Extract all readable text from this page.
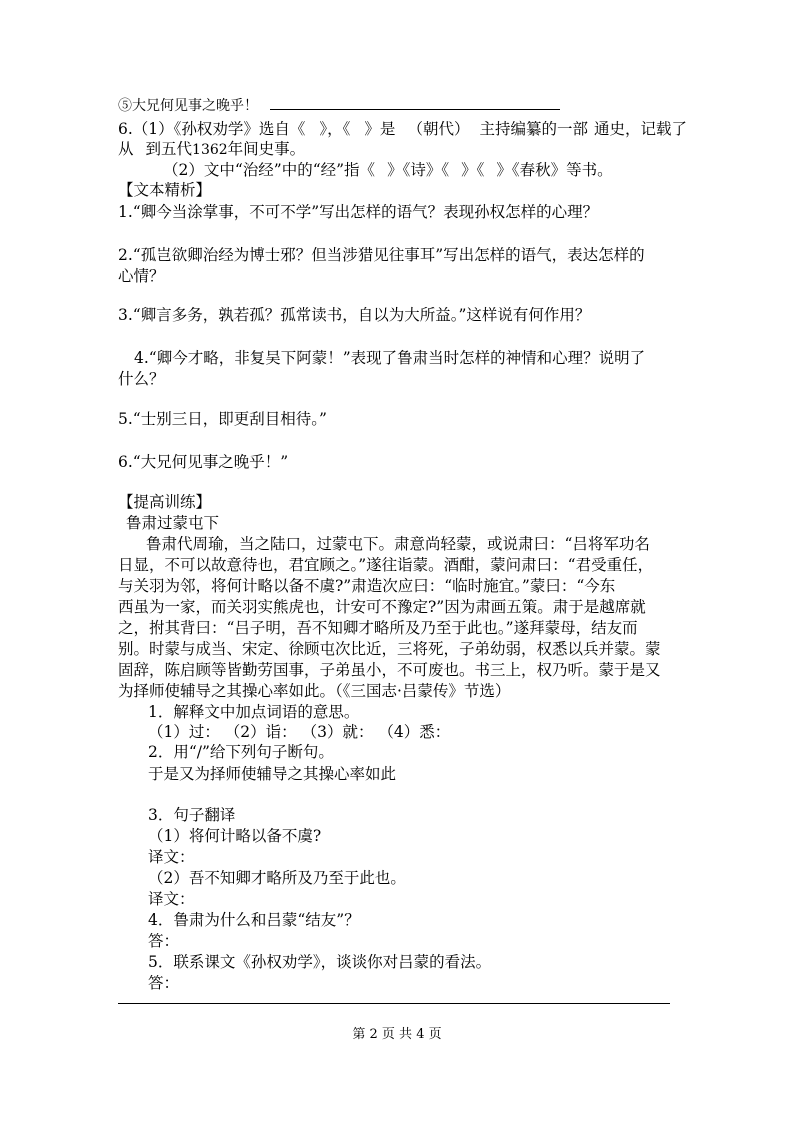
⑤大兄何见事之晚乎！
6.（1）《孙权劝学》选自《 》，《 》是 （朝代） 主持编纂的一部 通史，记载了
从 到五代1362年间史事。
（2）文中“治经”中的“经”指《 》《诗》《 》《 》《春秋》等书。
【文本精析】
1.“卿今当涂掌事，不可不学”写出怎样的语气？表现孙权怎样的心理？
2.“孤岂欲卿治经为博士邪？但当涉猎见往事耳”写出怎样的语气，表达怎样的
心情？
3.“卿言多务，孰若孤？孤常读书，自以为大所益。”这样说有何作用？
4.“卿今才略，非复吴下阿蒙！”表现了鲁肃当时怎样的神情和心理？说明了
什么？
5.“士别三日，即更刮目相待。”
6.“大兄何见事之晚乎！”
【提高训练】
鲁肃过蒙屯下
鲁肃代周瑜，当之陆口，过蒙屯下。肃意尚轻蒙，或说肃曰：“吕将军功名
日显，不可以故意待也，君宜顾之。”遂往诣蒙。酒酣，蒙问肃曰：“君受重任，
与关羽为邻，将何计略以备不虞?”肃造次应曰：“临时施宜。”蒙曰：“今东
西虽为一家，而关羽实熊虎也，计安可不豫定?”因为肃画五策。肃于是越席就
之，拊其背曰：“吕子明，吾不知卿才略所及乃至于此也。”遂拜蒙母，结友而
别。时蒙与成当、宋定、徐顾屯次比近，三将死，子弟幼弱，权悉以兵并蒙。蒙
固辞，陈启顾等皆勤劳国事，子弟虽小，不可废也。书三上，权乃听。蒙于是又
为择师使辅导之其操心率如此。（《三国志·吕蒙传》节选）
1．解释文中加点词语的意思。
（1）过： （2）诣： （3）就： （4）悉：
2．用“/”给下列句子断句。
于是又为择师使辅导之其操心率如此
3．句子翻译
（1）将何计略以备不虞?
译文：
（2）吾不知卿才略所及乃至于此也。
译文：
4．鲁肃为什么和吕蒙“结友”？
答：
5．联系课文《孙权劝学》，谈谈你对吕蒙的看法。
答：
第 2 页 共 4 页
